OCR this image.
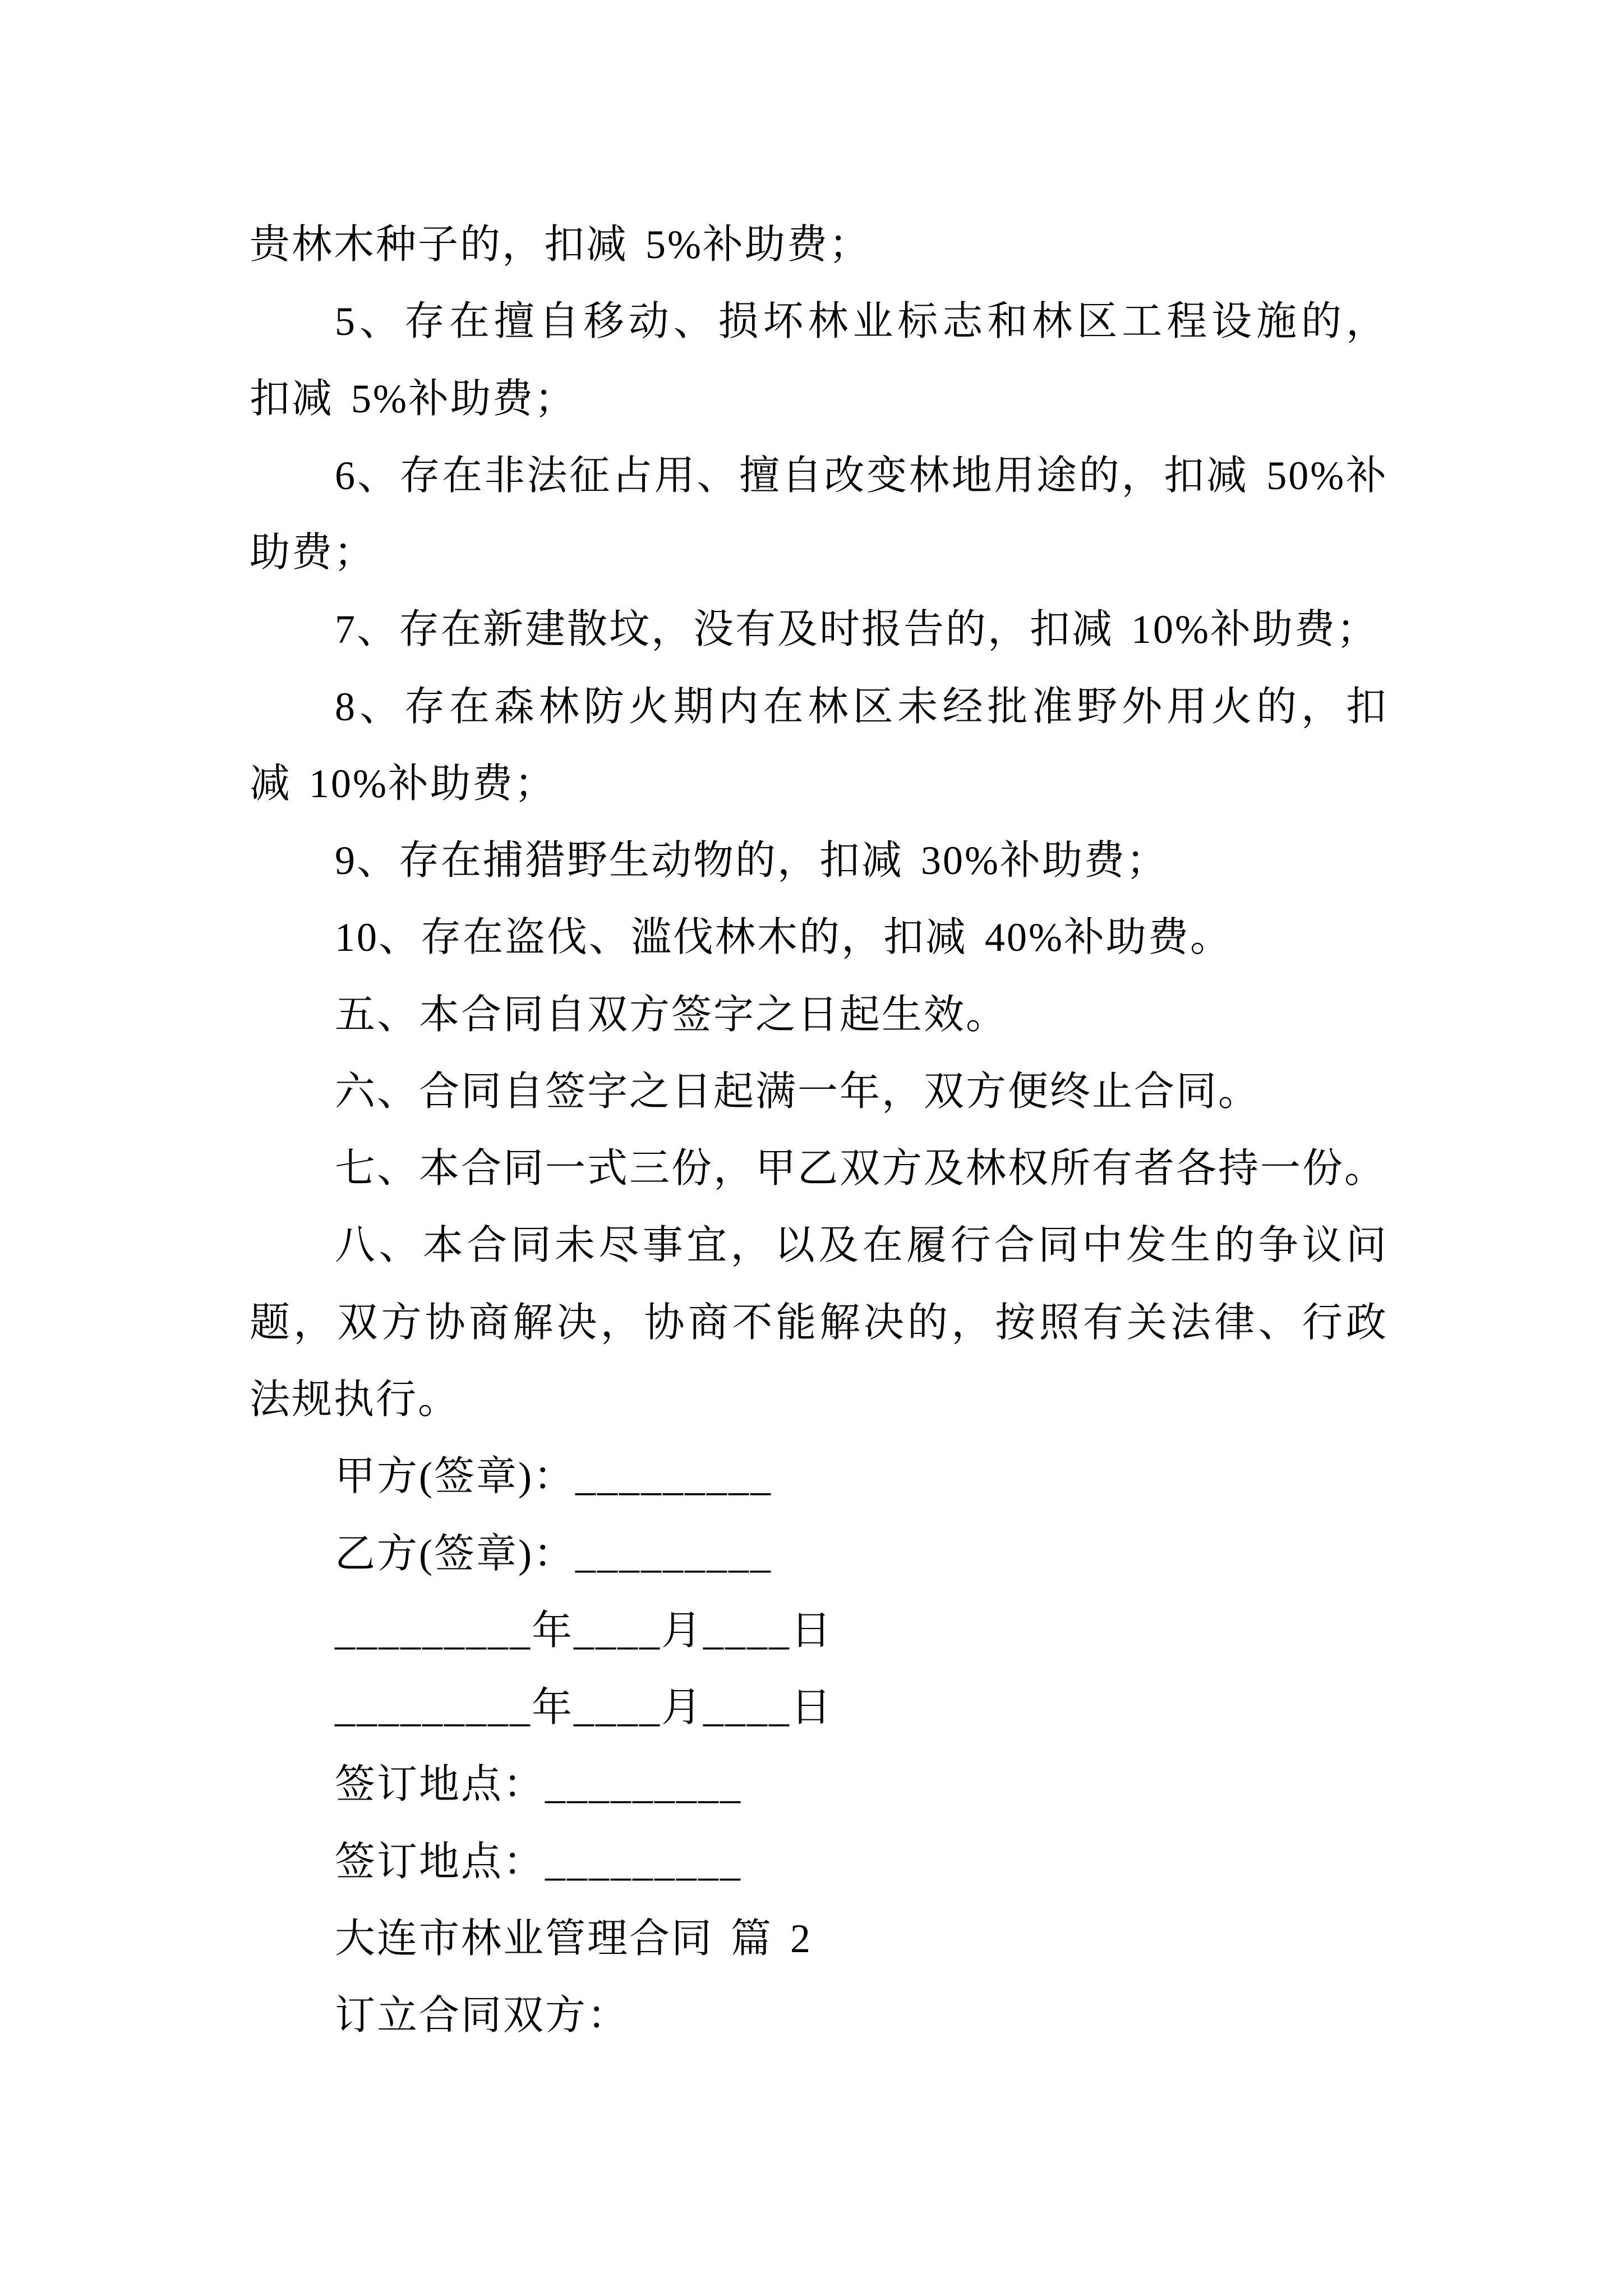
贵林木种子的，扣减 5%补助费；
5、存在擅自移动、损坏林业标志和林区工程设施的，
扣减 5%补助费；
6、存在非法征占用、擅自改变林地用途的，扣减 50%补
助费；
7、存在新建散坟，没有及时报告的，扣减 10%补助费；
8、存在森林防火期内在林区未经批准野外用火的，扣
减 10%补助费；
9、存在捕猎野生动物的，扣减 30%补助费；
10、存在盗伐、滥伐林木的，扣减 40%补助费。
五、本合同自双方签字之日起生效。
六、合同自签字之日起满一年，双方便终止合同。
七、本合同一式三份，甲乙双方及林权所有者各持一份。
八、本合同未尽事宜，以及在履行合同中发生的争议问
题，双方协商解决，协商不能解决的，按照有关法律、行政
法规执行。
甲方(签章)：_________
乙方(签章)：_________
_________年____月____日
_________年____月____日
签订地点：_________
签订地点：_________
大连市林业管理合同 篇 2
订立合同双方：
